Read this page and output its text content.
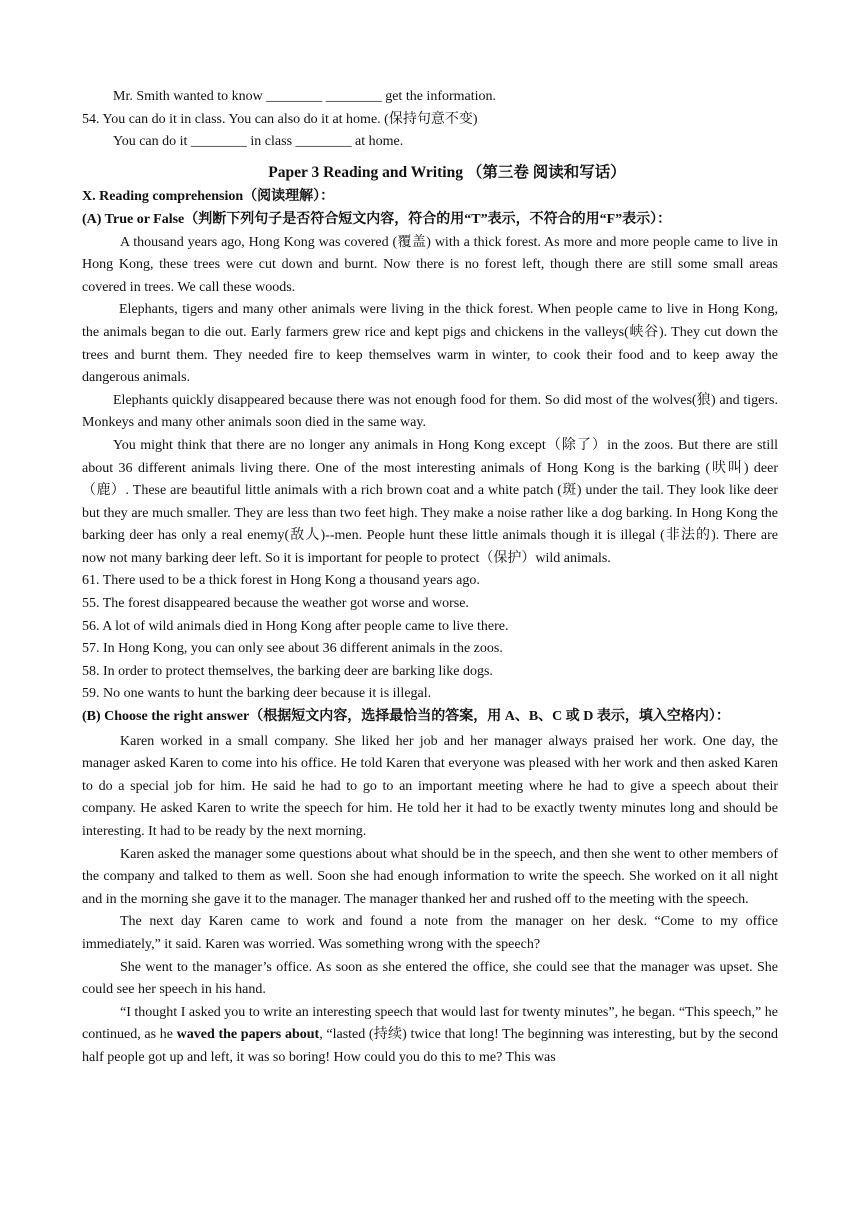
Mr. Smith wanted to know ________ ________ get the information.
54. You can do it in class. You can also do it at home. (保持句意不变)
You can do it ________ in class ________ at home.
Paper 3 Reading and Writing （第三卷 阅读和写话）
X. Reading comprehension（阅读理解）：
(A) True or False（判断下列句子是否符合短文内容，符合的用“T”表示，不符合的用“F”表示）：

A thousand years ago, Hong Kong was covered (覆盖) with a thick forest. As more and more people came to live in Hong Kong, these trees were cut down and burnt. Now there is no forest left, though there are still some small areas covered in trees. We call these woods.

Elephants, tigers and many other animals were living in the thick forest. When people came to live in Hong Kong, the animals began to die out. Early farmers grew rice and kept pigs and chickens in the valleys(峡谷). They cut down the trees and burnt them. They needed fire to keep themselves warm in winter, to cook their food and to keep away the dangerous animals.

Elephants quickly disappeared because there was not enough food for them. So did most of the wolves(狼) and tigers. Monkeys and many other animals soon died in the same way.

You might think that there are no longer any animals in Hong Kong except（除了）in the zoos. But there are still about 36 different animals living there. One of the most interesting animals of Hong Kong is the barking (吠叫) deer（鹿）. These are beautiful little animals with a rich brown coat and a white patch (斑) under the tail. They look like deer but they are much smaller. They are less than two feet high. They make a noise rather like a dog barking. In Hong Kong the barking deer has only a real enemy(敌人)--men. People hunt these little animals though it is illegal (非法的). There are now not many barking deer left. So it is important for people to protect（保护）wild animals.

61. There used to be a thick forest in Hong Kong a thousand years ago.
55. The forest disappeared because the weather got worse and worse.
56. A lot of wild animals died in Hong Kong after people came to live there.
57. In Hong Kong, you can only see about 36 different animals in the zoos.
58. In order to protect themselves, the barking deer are barking like dogs.
59. No one wants to hunt the barking deer because it is illegal.
(B) Choose the right answer（根据短文内容，选择最恰当的答案，用 A、B、C 或 D 表示，填入空格内）：

Karen worked in a small company. She liked her job and her manager always praised her work. One day, the manager asked Karen to come into his office. He told Karen that everyone was pleased with her work and then asked Karen to do a special job for him. He said he had to go to an important meeting where he had to give a speech about their company. He asked Karen to write the speech for him. He told her it had to be exactly twenty minutes long and should be interesting. It had to be ready by the next morning.

Karen asked the manager some questions about what should be in the speech, and then she went to other members of the company and talked to them as well. Soon she had enough information to write the speech. She worked on it all night and in the morning she gave it to the manager. The manager thanked her and rushed off to the meeting with the speech.

The next day Karen came to work and found a note from the manager on her desk. “Come to my office immediately,” it said. Karen was worried. Was something wrong with the speech?

She went to the manager’s office. As soon as she entered the office, she could see that the manager was upset. She could see her speech in his hand.

“I thought I asked you to write an interesting speech that would last for twenty minutes”, he began. “This speech,” he continued, as he waved the papers about, “lasted (持续) twice that long! The beginning was interesting, but by the second half people got up and left, it was so boring! How could you do this to me? This was
